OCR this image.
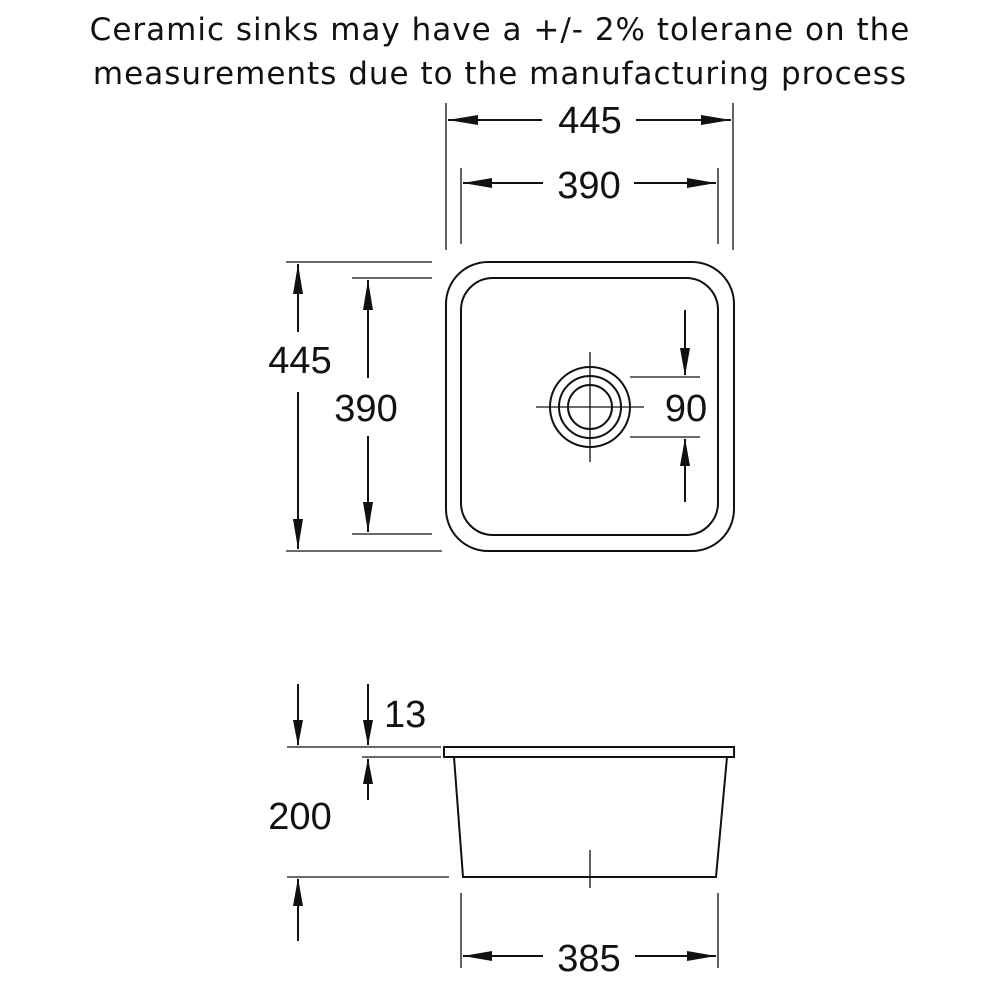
Ceramic sinks may have a +/- 2% tolerane on the
measurements due to the manufacturing process
445
390
445
390	90
13
200
385
